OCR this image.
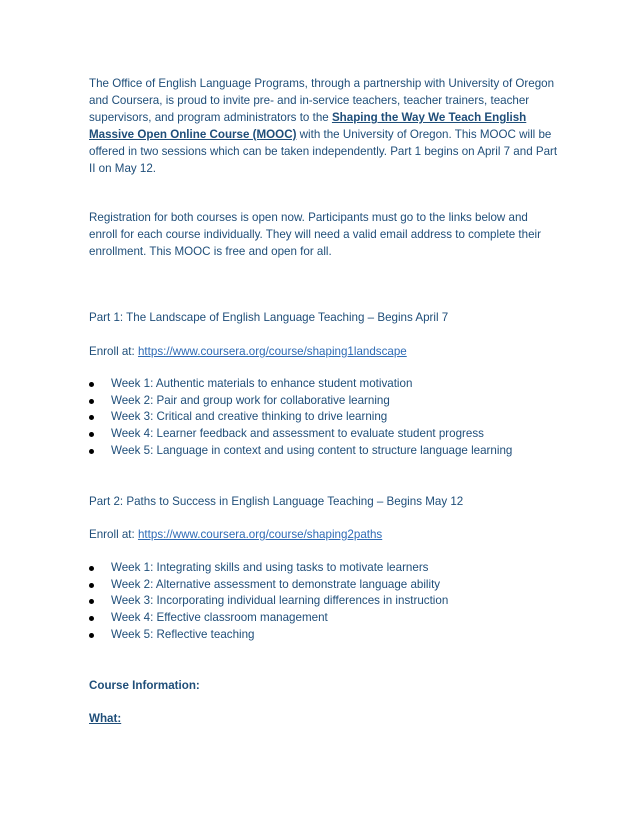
The Office of English Language Programs, through a partnership with University of Oregon and Coursera, is proud to invite pre- and in-service teachers, teacher trainers, teacher supervisors, and program administrators to the Shaping the Way We Teach English Massive Open Online Course (MOOC) with the University of Oregon. This MOOC will be offered in two sessions which can be taken independently. Part 1 begins on April 7 and Part II on May 12.

Registration for both courses is open now. Participants must go to the links below and enroll for each course individually. They will need a valid email address to complete their enrollment. This MOOC is free and open for all.

Part 1: The Landscape of English Language Teaching – Begins April 7
Enroll at: https://www.coursera.org/course/shaping1landscape
Week 1: Authentic materials to enhance student motivation
Week 2: Pair and group work for collaborative learning
Week 3: Critical and creative thinking to drive learning
Week 4: Learner feedback and assessment to evaluate student progress
Week 5: Language in context and using content to structure language learning
Part 2: Paths to Success in English Language Teaching – Begins May 12
Enroll at: https://www.coursera.org/course/shaping2paths
Week 1: Integrating skills and using tasks to motivate learners
Week 2: Alternative assessment to demonstrate language ability
Week 3: Incorporating individual learning differences in instruction
Week 4: Effective classroom management
Week 5: Reflective teaching
Course Information:
What:
